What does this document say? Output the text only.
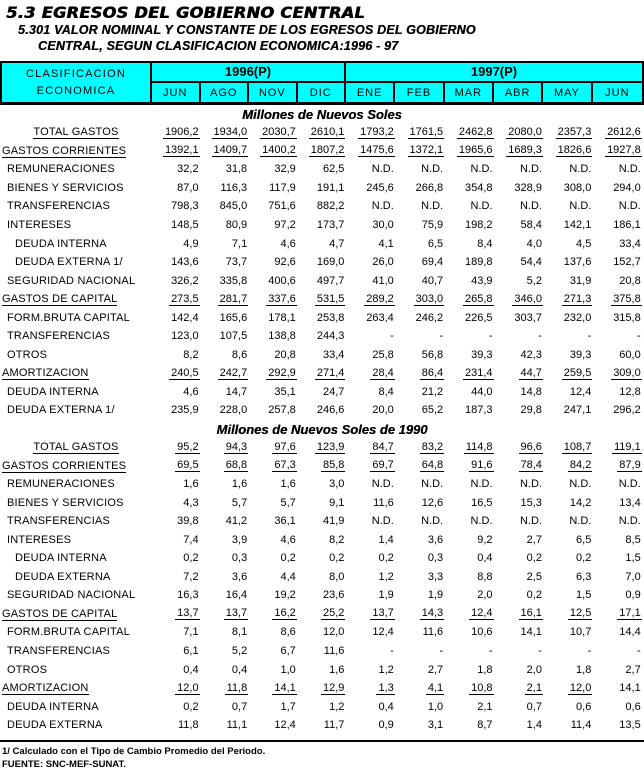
5.3 EGRESOS DEL GOBIERNO CENTRAL
5.301 VALOR NOMINAL Y CONSTANTE DE LOS EGRESOS DEL GOBIERNO
CENTRAL, SEGUN CLASIFICACION ECONOMICA:1996 - 97
CLASIFICACION
ECONOMICA
1996(P)	1997(P)
JUN	AGO	NOV	DIC	ENE	FEB	MAR	ABR	MAY	JUN
Millones de Nuevos Soles
TOTAL GASTOS	1906,2	1934,0	2030,7	2610,1	1793,2	1761,5	2462,8	2080,0	2357,3	2612,6
GASTOS CORRIENTES	1392,1	1409,7	1400,2	1807,2	1475,6	1372,1	1965,6	1689,3	1826,6	1927,8
REMUNERACIONES	32,2	31,8	32,9	62,5	N.D.	N.D.	N.D.	N.D.	N.D.	N.D.
BIENES Y SERVICIOS	87,0	116,3	117,9	191,1	245,6	266,8	354,8	328,9	308,0	294,0
TRANSFERENCIAS	798,3	845,0	751,6	882,2	N.D.	N.D.	N.D.	N.D.	N.D.	N.D.
INTERESES	148,5	80,9	97,2	173,7	30,0	75,9	198,2	58,4	142,1	186,1
DEUDA INTERNA	4,9	7,1	4,6	4,7	4,1	6,5	8,4	4,0	4,5	33,4
DEUDA EXTERNA 1/	143,6	73,7	92,6	169,0	26,0	69,4	189,8	54,4	137,6	152,7
SEGURIDAD NACIONAL	326,2	335,8	400,6	497,7	41,0	40,7	43,9	5,2	31,9	20,8
GASTOS DE CAPITAL	273,5	281,7	337,6	531,5	289,2	303,0	265,8	346,0	271,3	375,8
FORM.BRUTA CAPITAL	142,4	165,6	178,1	253,8	263,4	246,2	226,5	303,7	232,0	315,8
TRANSFERENCIAS	123,0	107,5	138,8	244,3	-	-	-	-	-	-
OTROS	8,2	8,6	20,8	33,4	25,8	56,8	39,3	42,3	39,3	60,0
AMORTIZACION	240,5	242,7	292,9	271,4	28,4	86,4	231,4	44,7	259,5	309,0
DEUDA INTERNA	4,6	14,7	35,1	24,7	8,4	21,2	44,0	14,8	12,4	12,8
DEUDA EXTERNA 1/	235,9	228,0	257,8	246,6	20,0	65,2	187,3	29,8	247,1	296,2
Millones de Nuevos Soles de 1990
TOTAL GASTOS	95,2	94,3	97,6	123,9	84,7	83,2	114,8	96,6	108,7	119,1
GASTOS CORRIENTES	69,5	68,8	67,3	85,8	69,7	64,8	91,6	78,4	84,2	87,9
REMUNERACIONES	1,6	1,6	1,6	3,0	N.D.	N.D.	N.D.	N.D.	N.D.	N.D.
BIENES Y SERVICIOS	4,3	5,7	5,7	9,1	11,6	12,6	16,5	15,3	14,2	13,4
TRANSFERENCIAS	39,8	41,2	36,1	41,9	N.D.	N.D.	N.D.	N.D.	N.D.	N.D.
INTERESES	7,4	3,9	4,6	8,2	1,4	3,6	9,2	2,7	6,5	8,5
DEUDA INTERNA	0,2	0,3	0,2	0,2	0,2	0,3	0,4	0,2	0,2	1,5
DEUDA EXTERNA	7,2	3,6	4,4	8,0	1,2	3,3	8,8	2,5	6,3	7,0
SEGURIDAD NACIONAL	16,3	16,4	19,2	23,6	1,9	1,9	2,0	0,2	1,5	0,9
GASTOS DE CAPITAL	13,7	13,7	16,2	25,2	13,7	14,3	12,4	16,1	12,5	17,1
FORM.BRUTA CAPITAL	7,1	8,1	8,6	12,0	12,4	11,6	10,6	14,1	10,7	14,4
TRANSFERENCIAS	6,1	5,2	6,7	11,6	-	-	-	-	-	-
OTROS	0,4	0,4	1,0	1,6	1,2	2,7	1,8	2,0	1,8	2,7
AMORTIZACION	12,0	11,8	14,1	12,9	1,3	4,1	10,8	2,1	12,0	14,1
DEUDA INTERNA	0,2	0,7	1,7	1,2	0,4	1,0	2,1	0,7	0,6	0,6
DEUDA EXTERNA	11,8	11,1	12,4	11,7	0,9	3,1	8,7	1,4	11,4	13,5
1/ Calculado con el Tipo de Cambio Promedio del Periodo.
FUENTE: SNC-MEF-SUNAT.
